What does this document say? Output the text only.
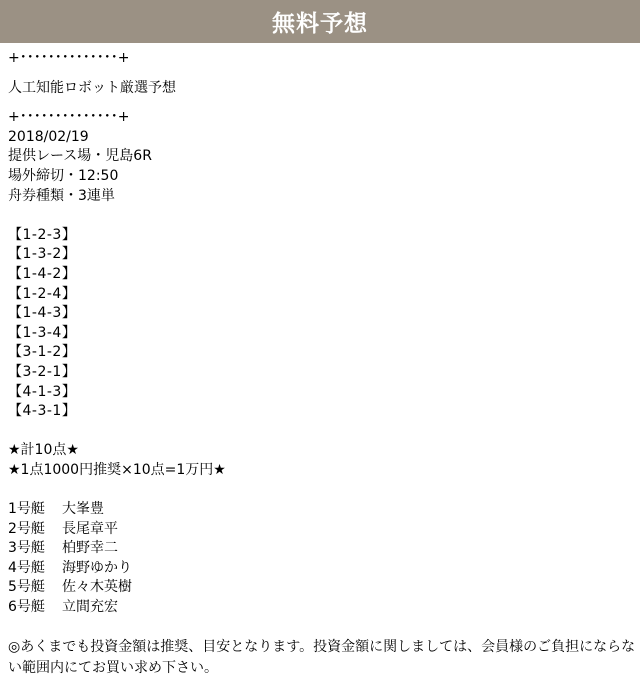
無料予想
+･･････････････+
人工知能ロボット厳選予想
+･･････････････+
2018/02/19
提供レース場・児島6R
場外締切・12:50
舟券種類・3連単
【1-2-3】
【1-3-2】
【1-4-2】
【1-2-4】
【1-4-3】
【1-3-4】
【3-1-2】
【3-2-1】
【4-1-3】
【4-3-1】
★計10点★
★1点1000円推奨×10点=1万円★
1号艇 大峯豊
2号艇 長尾章平
3号艇 柏野幸二
4号艇 海野ゆかり
5号艇 佐々木英樹
6号艇 立間充宏
◎あくまでも投資金額は推奨、目安となります。投資金額に関しましては、会員様のご負担にならない範囲内にてお買い求め下さい。
